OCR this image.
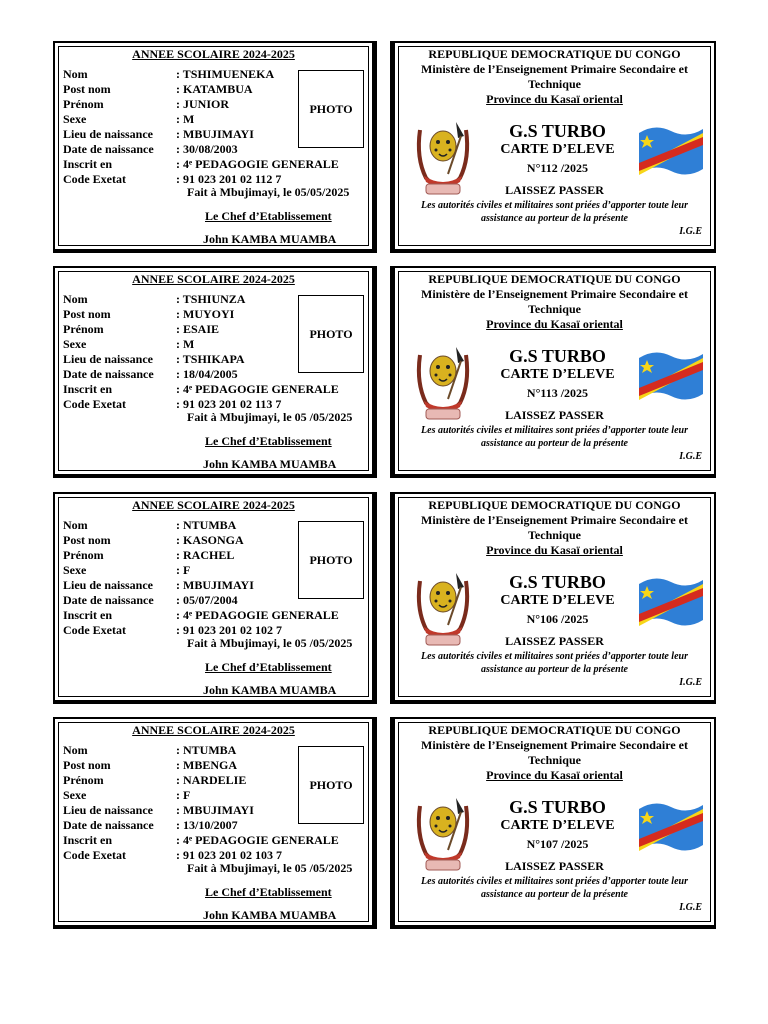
ANNEE SCOLAIRE 2024-2025
Nom	: TSHIMUENEKA
Post nom	: KATAMBUA
Prénom	: JUNIOR
Sexe	: M
Lieu de naissance	: MBUJIMAYI
Date de naissance	: 30/08/2003
Inscrit en	: 4ᵉ PEDAGOGIE GENERALE
Code Exetat	: 91 023 201 02 112 7
PHOTO
Fait à Mbujimayi, le 05/05/2025
Le Chef d’Etablissement
John KAMBA MUAMBA
REPUBLIQUE DEMOCRATIQUE DU CONGO
Ministère de l’Enseignement Primaire Secondaire et Technique
Province du Kasaï oriental
G.S TURBO
CARTE D’ELEVE
N°112 /2025
LAISSEZ PASSER
Les autorités civiles et militaires sont priées d’apporter toute leur assistance au porteur de la présente
I.G.E
ANNEE SCOLAIRE 2024-2025
Nom	: TSHIUNZA
Post nom	: MUYOYI
Prénom	: ESAIE
Sexe	: M
Lieu de naissance	: TSHIKAPA
Date de naissance	: 18/04/2005
Inscrit en	: 4ᵉ PEDAGOGIE GENERALE
Code Exetat	: 91 023 201 02 113 7
PHOTO
Fait à Mbujimayi, le 05 /05/2025
Le Chef d’Etablissement
John KAMBA MUAMBA
REPUBLIQUE DEMOCRATIQUE DU CONGO
Ministère de l’Enseignement Primaire Secondaire et Technique
Province du Kasaï oriental
G.S TURBO
CARTE D’ELEVE
N°113 /2025
LAISSEZ PASSER
Les autorités civiles et militaires sont priées d’apporter toute leur assistance au porteur de la présente
I.G.E
ANNEE SCOLAIRE 2024-2025
Nom	: NTUMBA
Post nom	: KASONGA
Prénom	: RACHEL
Sexe	: F
Lieu de naissance	: MBUJIMAYI
Date de naissance	: 05/07/2004
Inscrit en	: 4ᵉ PEDAGOGIE GENERALE
Code Exetat	: 91 023 201 02 102 7
PHOTO
Fait à Mbujimayi, le 05 /05/2025
Le Chef d’Etablissement
John KAMBA MUAMBA
REPUBLIQUE DEMOCRATIQUE DU CONGO
Ministère de l’Enseignement Primaire Secondaire et Technique
Province du Kasaï oriental
G.S TURBO
CARTE D’ELEVE
N°106 /2025
LAISSEZ PASSER
Les autorités civiles et militaires sont priées d’apporter toute leur assistance au porteur de la présente
I.G.E
ANNEE SCOLAIRE 2024-2025
Nom	: NTUMBA
Post nom	: MBENGA
Prénom	: NARDELIE
Sexe	: F
Lieu de naissance	: MBUJIMAYI
Date de naissance	: 13/10/2007
Inscrit en	: 4ᵉ PEDAGOGIE GENERALE
Code Exetat	: 91 023 201 02 103 7
PHOTO
Fait à Mbujimayi, le 05 /05/2025
Le Chef d’Etablissement
John KAMBA MUAMBA
REPUBLIQUE DEMOCRATIQUE DU CONGO
Ministère de l’Enseignement Primaire Secondaire et Technique
Province du Kasaï oriental
G.S TURBO
CARTE D’ELEVE
N°107 /2025
LAISSEZ PASSER
Les autorités civiles et militaires sont priées d’apporter toute leur assistance au porteur de la présente
I.G.E
